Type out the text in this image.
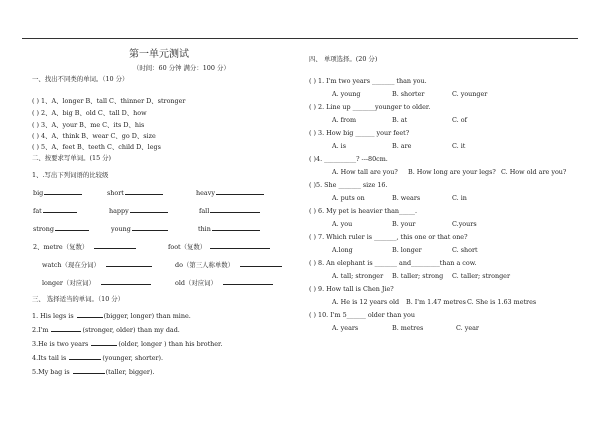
第一单元测试
（时间：60 分钟 满分：100 分）
一、找出不同类的单词。（10 分）
( ) 1、A、longer B、tall C、thinner D、stronger
( ) 2、A、big B、old C、tall D、how
( ) 3、A、your B、me C、its D、his
( ) 4、A、think B、wear C、go D、size
( ) 5、A、feet B、teeth C、child D、legs
二、按要求写单词。(15 分)
1、.写出下列词语的比较级
big	short	heavy
fat	happy	fall
strong	young	thin
2、metre（复数）	foot（复数）
watch（现在分词）	do（第三人称单数）
longer（对应词）	old（对应词）
三、 选择适当的单词。（10 分）
1. His legs is	(bigger, longer) than mine.
2.I'm	(stronger, older) than my dad.
3.He is two years	(older, longer ) than his brother.
4.Its tail is	(younger, shorter).
5.My bag is	(taller, bigger).
四、 单项选择。(20 分)
( ) 1. I'm two years _______ than you.
A. young	B. shorter	C. younger
( ) 2. Line up _______younger to older.
A. from	B. at	C. of
( ) 3. How big ______ your feet?
A. is	B. are	C. it
( )4. __________? ---80cm.
A. How tall are you? B. How long are your legs? C. How old are you?
( )5. She _______ size 16.
A. puts on	B. wears	C. in
( ) 6. My pet is heavier than_____.
A. you	B. your	C.yours
( ) 7. Which ruler is _______, this one or that one?
A.long	B. longer	C. short
( ) 8. An elephant is _______ and_________than a cow.
A. tall; stronger B. taller; strong C. taller; stronger
( ) 9. How tall is Chen Jie?
A. He is 12 years old B. I'm 1.47 metres C. She is 1.63 metres
( ) 10. I'm 5______ older than you
A. years	B. metres	C. year
